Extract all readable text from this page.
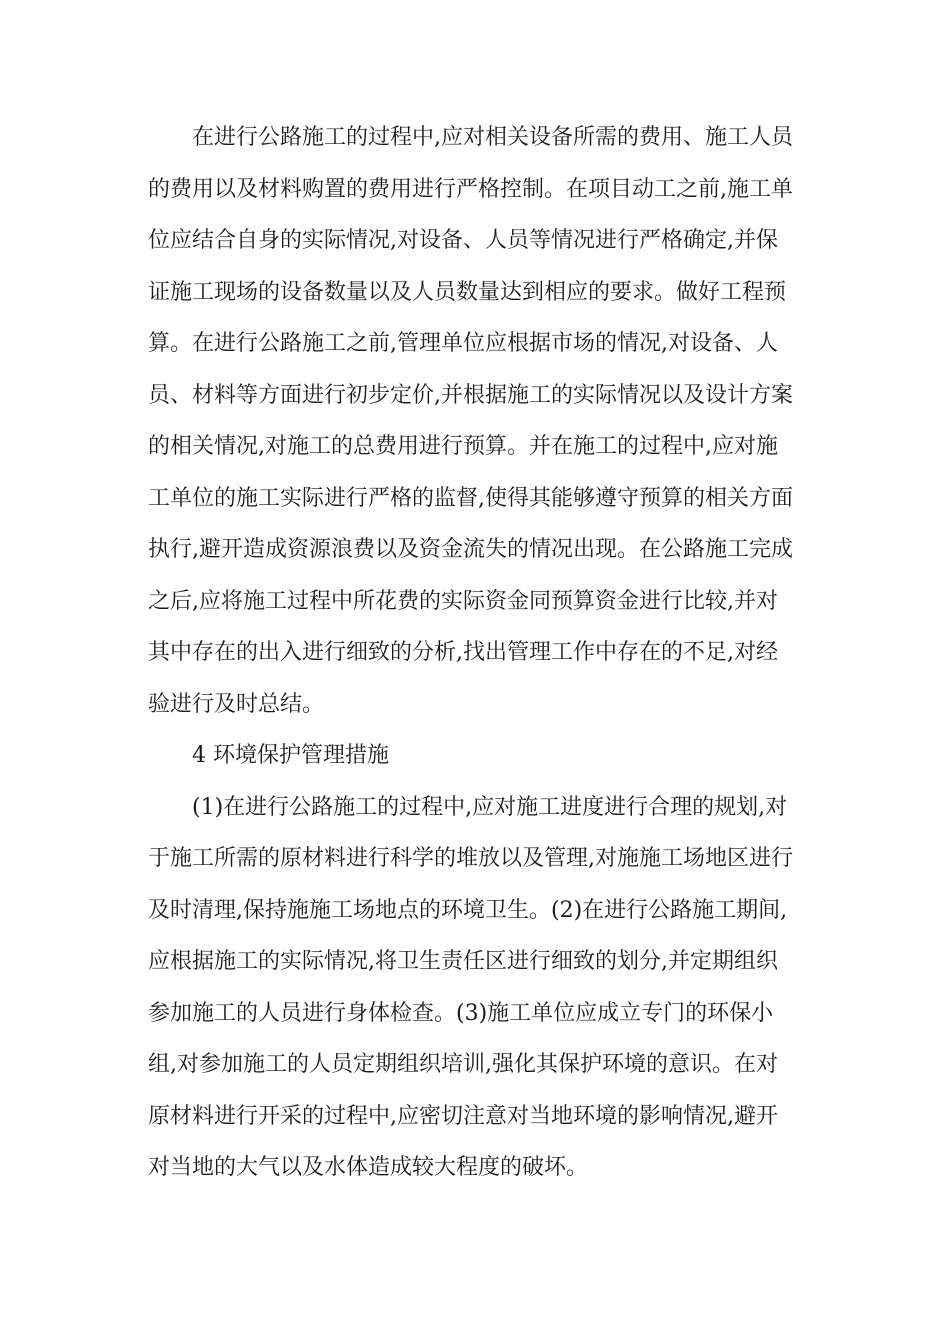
在进行公路施工的过程中,应对相关设备所需的费用、施工人员
的费用以及材料购置的费用进行严格控制。在项目动工之前,施工单
位应结合自身的实际情况,对设备、人员等情况进行严格确定,并保
证施工现场的设备数量以及人员数量达到相应的要求。做好工程预
算。在进行公路施工之前,管理单位应根据市场的情况,对设备、人
员、材料等方面进行初步定价,并根据施工的实际情况以及设计方案
的相关情况,对施工的总费用进行预算。并在施工的过程中,应对施
工单位的施工实际进行严格的监督,使得其能够遵守预算的相关方面
执行,避开造成资源浪费以及资金流失的情况出现。在公路施工完成
之后,应将施工过程中所花费的实际资金同预算资金进行比较,并对
其中存在的出入进行细致的分析,找出管理工作中存在的不足,对经
验进行及时总结。
4 环境保护管理措施
(1)在进行公路施工的过程中,应对施工进度进行合理的规划,对
于施工所需的原材料进行科学的堆放以及管理,对施施工场地区进行
及时清理,保持施施工场地点的环境卫生。(2)在进行公路施工期间,
应根据施工的实际情况,将卫生责任区进行细致的划分,并定期组织
参加施工的人员进行身体检查。(3)施工单位应成立专门的环保小
组,对参加施工的人员定期组织培训,强化其保护环境的意识。在对
原材料进行开采的过程中,应密切注意对当地环境的影响情况,避开
对当地的大气以及水体造成较大程度的破坏。
